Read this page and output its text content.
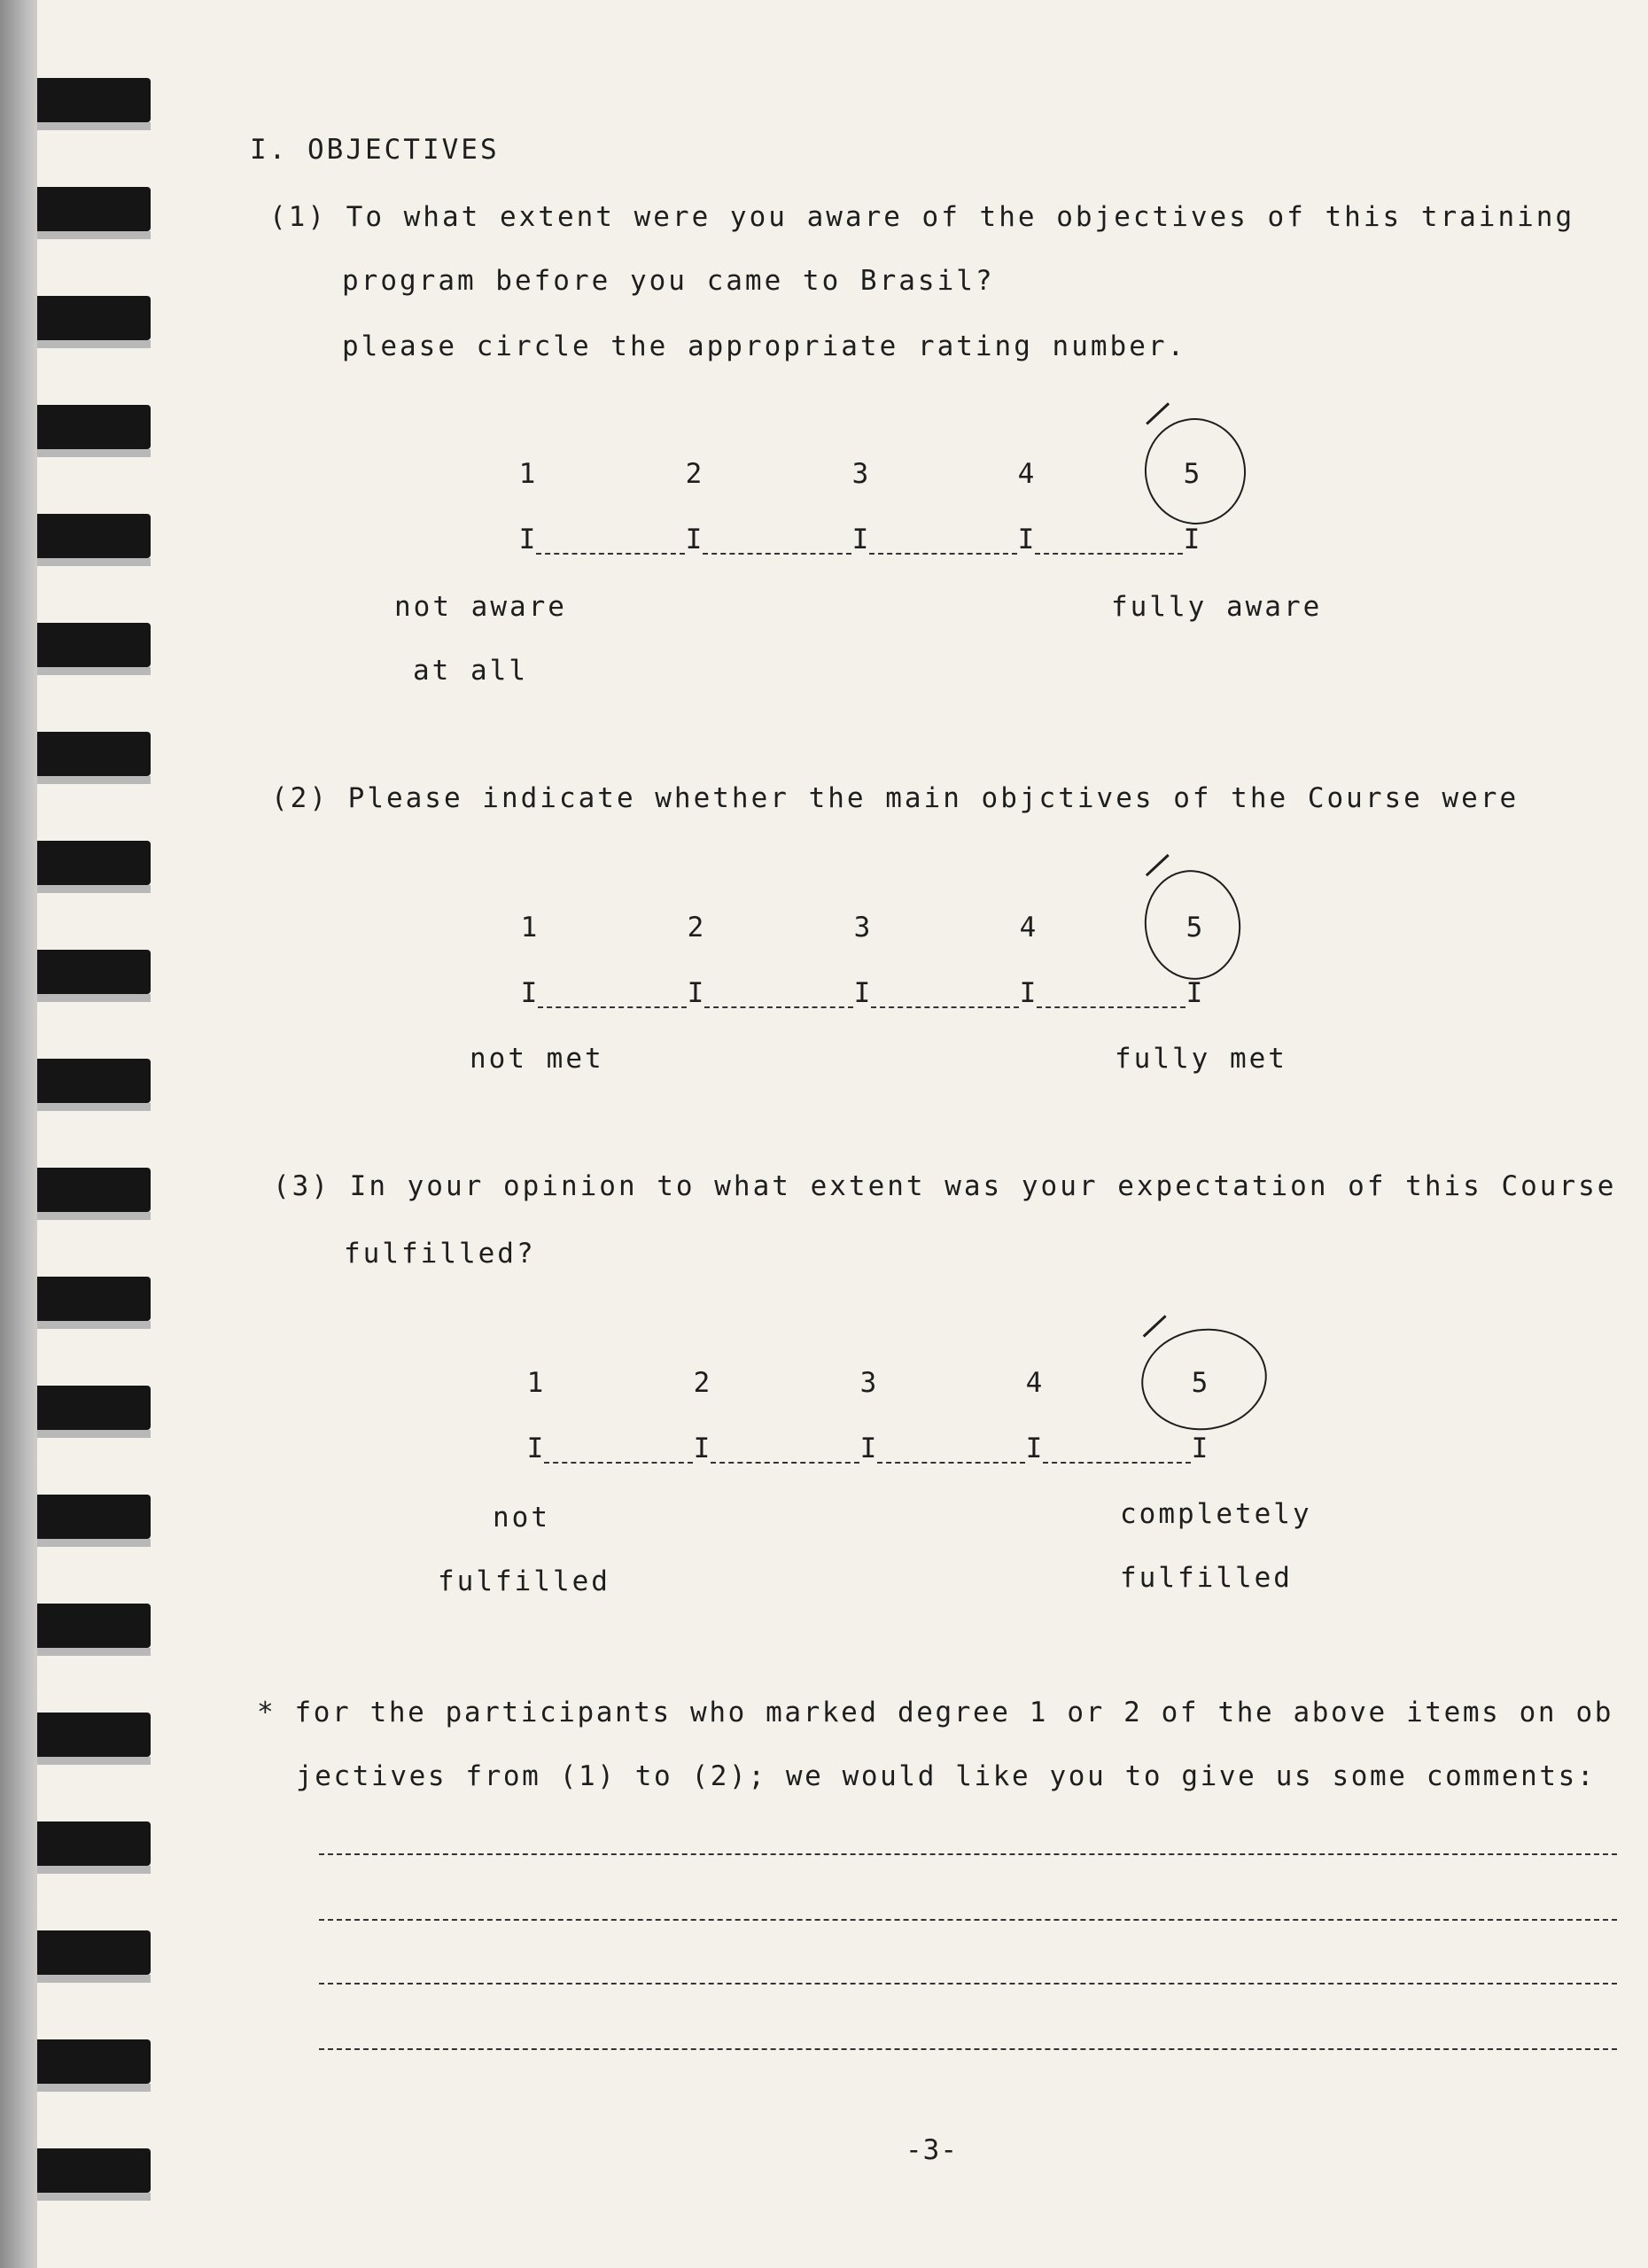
I. OBJECTIVES
(1) To what extent were you aware of the objectives of this training
program before you came to Brasil?
please circle the appropriate rating number.
1	2	3	4	5
I	I	I	I	I
not aware
at all
fully aware
(2) Please indicate whether the main objctives of the Course were
1	2	3	4	5
I	I	I	I	I
not met	fully met
(3) In your opinion to what extent was your expectation of this Course
fulfilled?
1	2	3	4	5
I	I	I	I	I
not
fulfilled
completely
fulfilled
* for the participants who marked degree 1 or 2 of the above items on ob
jectives from (1) to (2); we would like you to give us some comments:
-3-
